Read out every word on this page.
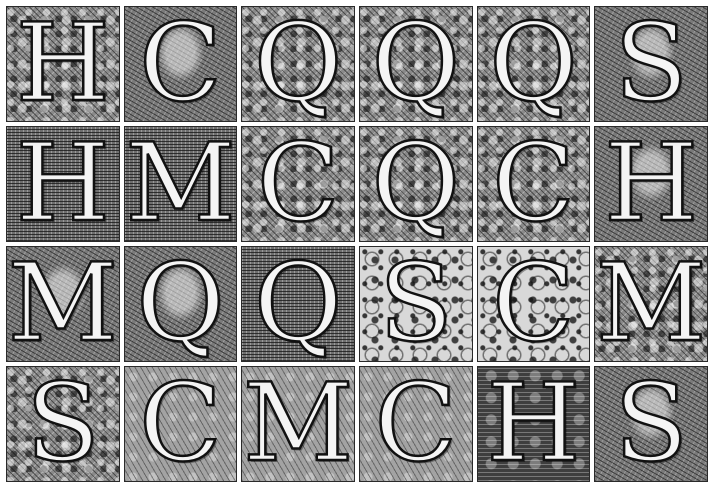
H C Q Q Q S
H M C Q C H
M Q Q S C M
S C M C H S
